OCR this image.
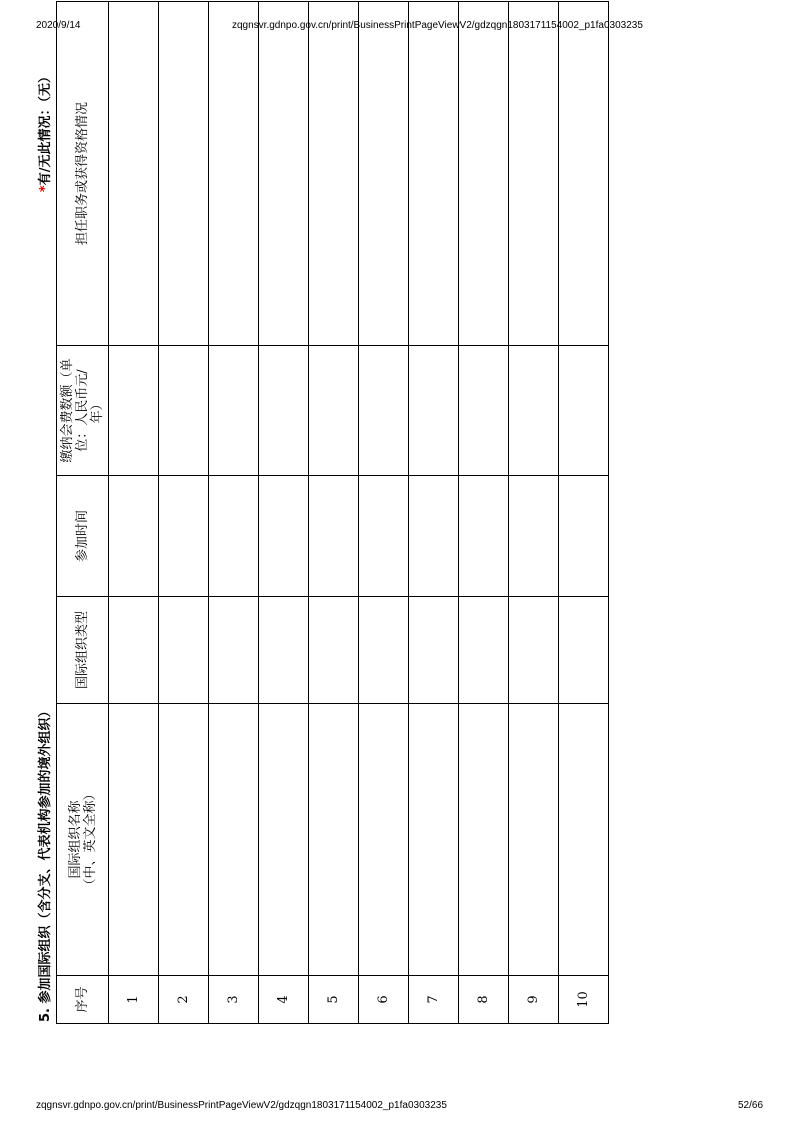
2020/9/14	zqgnsvr.gdnpo.gov.cn/print/BusinessPrintPageViewV2/gdzqgn1803171154002_p1fa0303235
5. 参加国际组织（含分支、代表机构参加的境外组织）
*有/无此情况：（无）
序号	国际组织名称 （中、英文全称）	国际组织类型	参加时间	缴纳会费数额（单 位：人民币元/ 年）	担任职务或获得资格情况
1					
2					
3					
4					
5					
6					
7					
8					
9					
10					
zqgnsvr.gdnpo.gov.cn/print/BusinessPrintPageViewV2/gdzqgn1803171154002_p1fa0303235	52/66
